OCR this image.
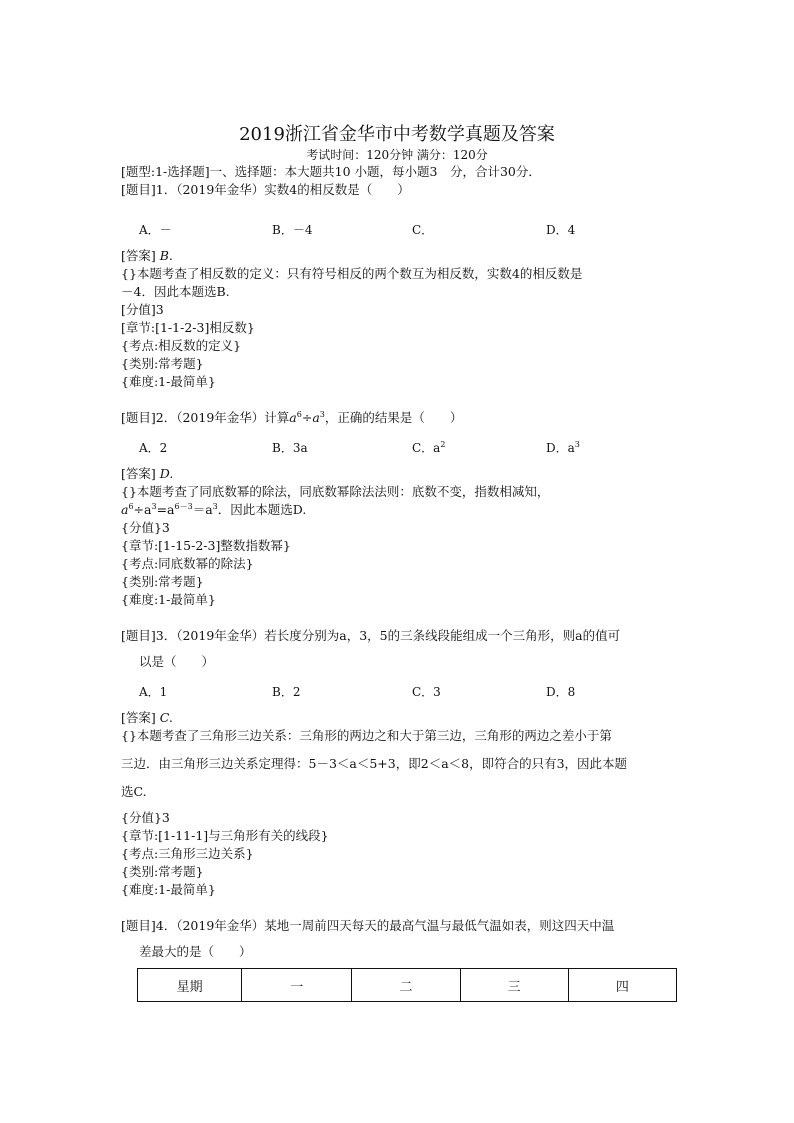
2019浙江省金华市中考数学真题及答案
考试时间：120分钟 满分：120分
[题型:1-选择题]一、选择题：本大题共10 小题，每小题3　分，合计30分．
[题目]1．（2019年金华）实数4的相反数是（　　）
A．－	B．－4	C．	D．4
[答案] B.
{}本题考查了相反数的定义：只有符号相反的两个数互为相反数，实数4的相反数是
－4．因此本题选B.
[分值]3
[章节:[1-1-2-3]相反数}
{考点:相反数的定义}
{类别:常考题}
{难度:1-最简单}
[题目]2．（2019年金华）计算$a^6\div a^3$，正确的结果是（　　）
A．2	B．3a	C．$a^2$	D．$a^3$
[答案] D.
{}本题考查了同底数幂的除法，同底数幂除法法则：底数不变，指数相减知，
$a^6\div a^3=a^{6-3}=a^3$．因此本题选D.
{分值}3
{章节:[1-15-2-3]整数指数幂}
{考点:同底数幂的除法}
{类别:常考题}
{难度:1-最简单}
[题目]3．（2019年金华）若长度分别为a，3，5的三条线段能组成一个三角形，则a的值可
以是（　　）
A．1	B．2	C．3	D．8
[答案] C.
{}本题考查了三角形三边关系：三角形的两边之和大于第三边，三角形的两边之差小于第
三边．由三角形三边关系定理得：5－3＜a＜5+3，即2＜a＜8，即符合的只有3，因此本题
选C.
{分值}3
{章节:[1-11-1]与三角形有关的线段}
{考点:三角形三边关系}
{类别:常考题}
{难度:1-最简单}
[题目]4．（2019年金华）某地一周前四天每天的最高气温与最低气温如表，则这四天中温
差最大的是（　　）
星期	一	二	三	四
